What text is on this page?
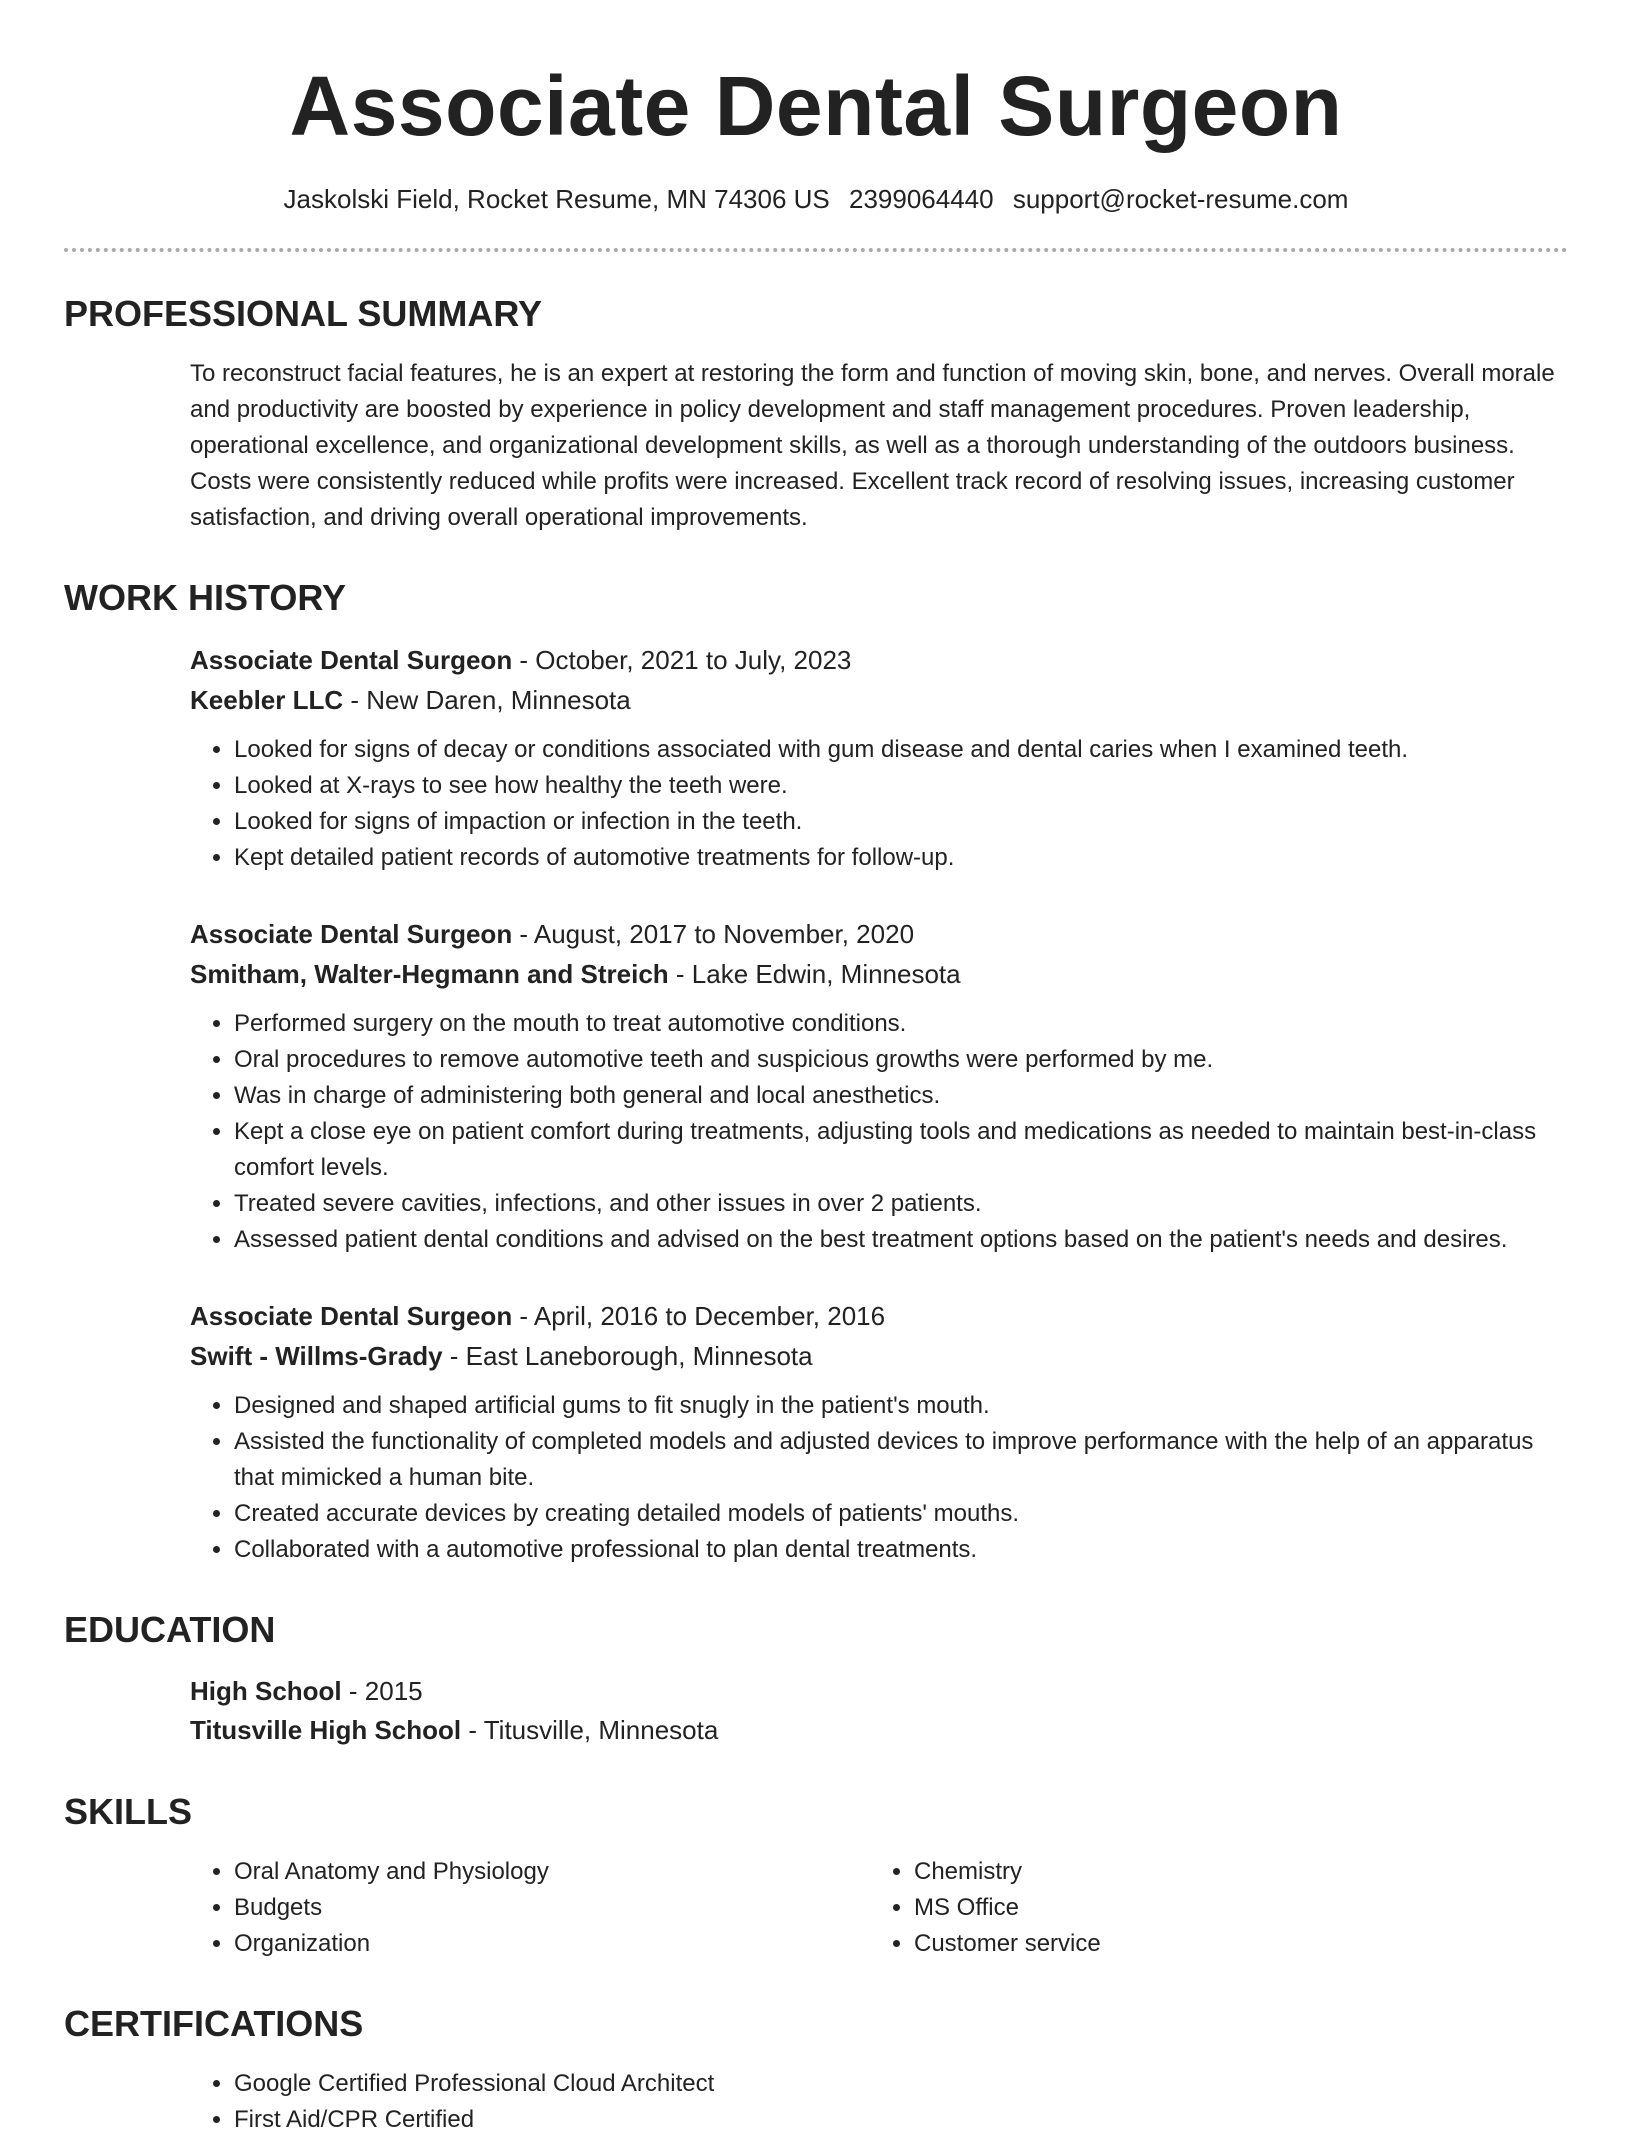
Associate Dental Surgeon
Jaskolski Field, Rocket Resume, MN 74306 US 2399064440 support@rocket-resume.com
PROFESSIONAL SUMMARY

To reconstruct facial features, he is an expert at restoring the form and function of moving skin, bone, and nerves. Overall morale and productivity are boosted by experience in policy development and staff management procedures. Proven leadership, operational excellence, and organizational development skills, as well as a thorough understanding of the outdoors business. Costs were consistently reduced while profits were increased. Excellent track record of resolving issues, increasing customer satisfaction, and driving overall operational improvements.

WORK HISTORY
Associate Dental Surgeon - October, 2021 to July, 2023
Keebler LLC - New Daren, Minnesota
• Looked for signs of decay or conditions associated with gum disease and dental caries when I examined teeth.
• Looked at X-rays to see how healthy the teeth were.
• Looked for signs of impaction or infection in the teeth.
• Kept detailed patient records of automotive treatments for follow-up.
Associate Dental Surgeon - August, 2017 to November, 2020
Smitham, Walter-Hegmann and Streich - Lake Edwin, Minnesota
• Performed surgery on the mouth to treat automotive conditions.
• Oral procedures to remove automotive teeth and suspicious growths were performed by me.
• Was in charge of administering both general and local anesthetics.
• Kept a close eye on patient comfort during treatments, adjusting tools and medications as needed to maintain best-in-class comfort levels.
• Treated severe cavities, infections, and other issues in over 2 patients.
• Assessed patient dental conditions and advised on the best treatment options based on the patient's needs and desires.
Associate Dental Surgeon - April, 2016 to December, 2016
Swift - Willms-Grady - East Laneborough, Minnesota
• Designed and shaped artificial gums to fit snugly in the patient's mouth.
• Assisted the functionality of completed models and adjusted devices to improve performance with the help of an apparatus that mimicked a human bite.
• Created accurate devices by creating detailed models of patients' mouths.
• Collaborated with a automotive professional to plan dental treatments.
EDUCATION
High School - 2015
Titusville High School - Titusville, Minnesota
SKILLS
• Oral Anatomy and Physiology
• Budgets
• Organization
• Chemistry
• MS Office
• Customer service
CERTIFICATIONS
• Google Certified Professional Cloud Architect
• First Aid/CPR Certified
